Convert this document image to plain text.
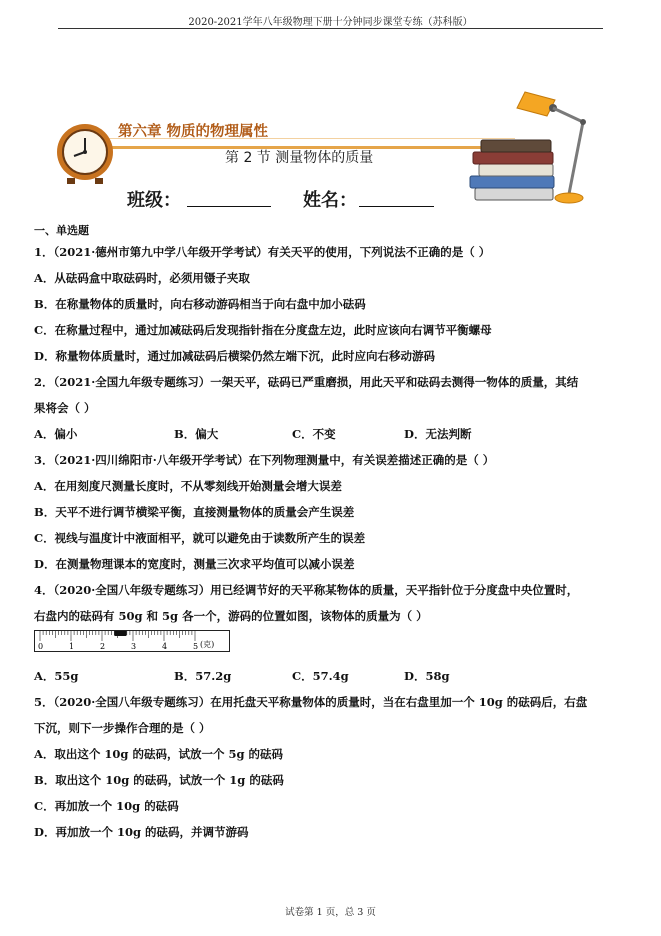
2020-2021学年八年级物理下册十分钟同步课堂专练（苏科版）
第六章 物质的物理属性
第 2 节 测量物体的质量
班级：	姓名：
一、单选题
1．（2021·德州市第九中学八年级开学考试）有关天平的使用，下列说法不正确的是（ ）
A．从砝码盒中取砝码时，必须用镊子夹取
B．在称量物体的质量时，向右移动游码相当于向右盘中加小砝码
C．在称量过程中，通过加减砝码后发现指针指在分度盘左边，此时应该向右调节平衡螺母
D．称量物体质量时，通过加减砝码后横梁仍然左端下沉，此时应向右移动游码
2．（2021·全国九年级专题练习）一架天平，砝码已严重磨损，用此天平和砝码去测得一物体的质量，其结
果将会（ ）
A．偏小	B．偏大	C．不变	D．无法判断
3．（2021·四川绵阳市·八年级开学考试）在下列物理测量中，有关误差描述正确的是（ ）
A．在用刻度尺测量长度时，不从零刻线开始测量会增大误差
B．天平不进行调节横梁平衡，直接测量物体的质量会产生误差
C．视线与温度计中液面相平，就可以避免由于读数所产生的误差
D．在测量物理课本的宽度时，测量三次求平均值可以减小误差
4．（2020·全国八年级专题练习）用已经调节好的天平称某物体的质量，天平指针位于分度盘中央位置时，
右盘内的砝码有 50g 和 5g 各一个，游码的位置如图，该物体的质量为（ ）
0	1	2	3	4	5 (克)
A．55g	B．57.2g	C．57.4g	D．58g
5．（2020·全国八年级专题练习）在用托盘天平称量物体的质量时，当在右盘里加一个 10g 的砝码后，右盘
下沉，则下一步操作合理的是（ ）
A．取出这个 10g 的砝码，试放一个 5g 的砝码
B．取出这个 10g 的砝码，试放一个 1g 的砝码
C．再加放一个 10g 的砝码
D．再加放一个 10g 的砝码，并调节游码
试卷第 1 页，总 3 页
